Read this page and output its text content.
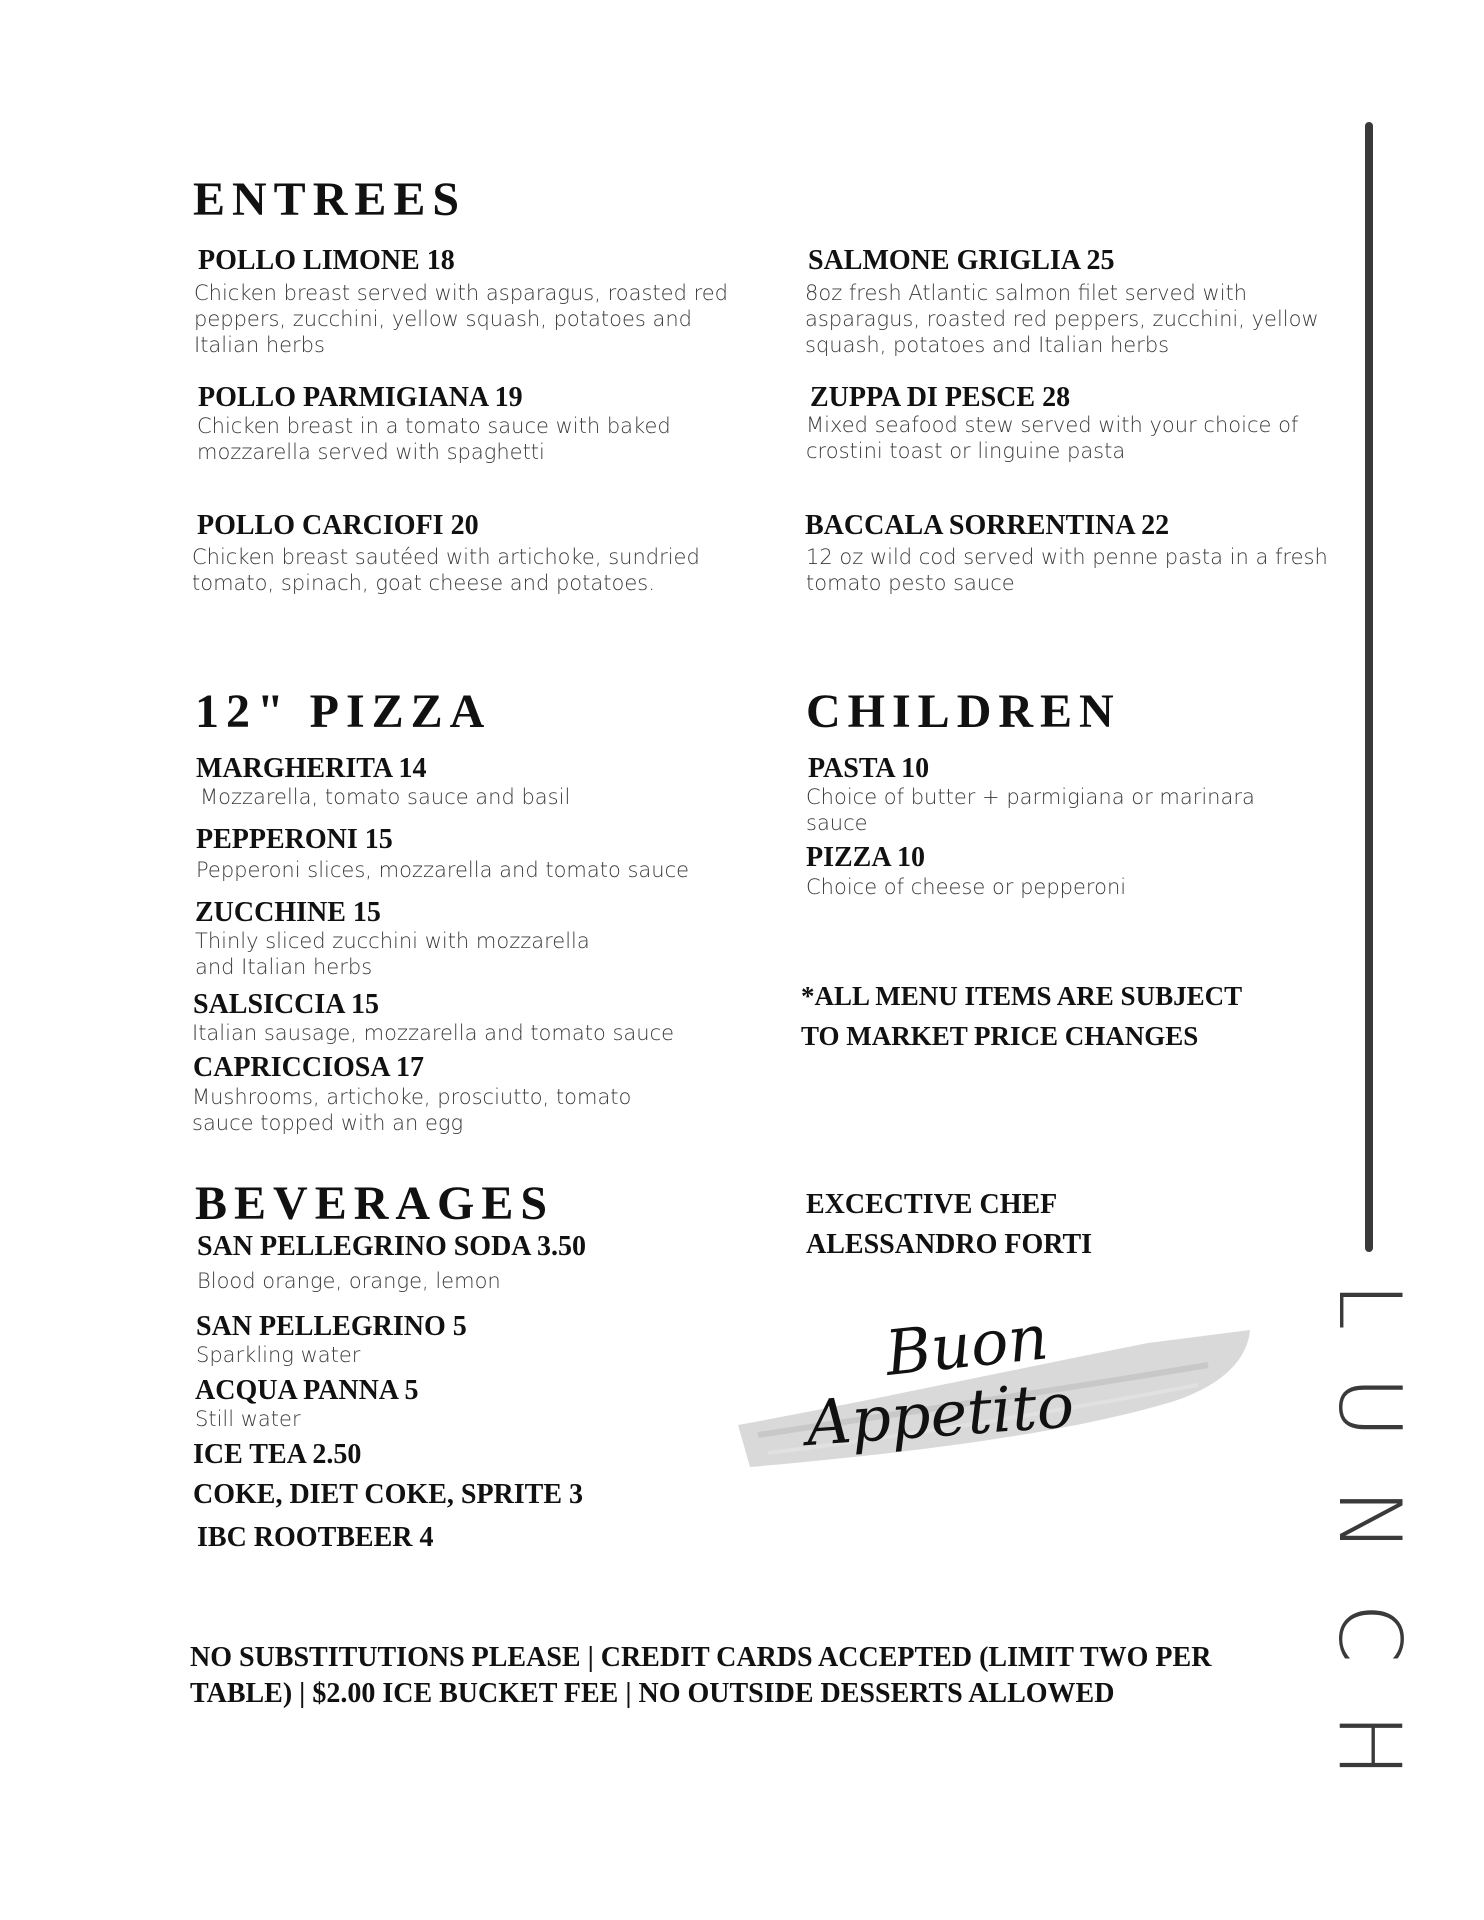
ENTREES
POLLO LIMONE 18
Chicken breast served with asparagus, roasted red peppers, zucchini, yellow squash, potatoes and Italian herbs
SALMONE GRIGLIA 25
8oz fresh Atlantic salmon filet served with asparagus, roasted red peppers, zucchini, yellow squash, potatoes and Italian herbs
POLLO PARMIGIANA 19
Chicken breast in a tomato sauce with baked mozzarella served with spaghetti
ZUPPA DI PESCE 28
Mixed seafood stew served with your choice of crostini toast or linguine pasta
POLLO CARCIOFI 20
Chicken breast sautéed with artichoke, sundried tomato, spinach, goat cheese and potatoes.
BACCALA SORRENTINA 22
12 oz wild cod served with penne pasta in a fresh tomato pesto sauce
12" PIZZA
MARGHERITA 14
Mozzarella, tomato sauce and basil
PEPPERONI 15
Pepperoni slices, mozzarella and tomato sauce
ZUCCHINE 15
Thinly sliced zucchini with mozzarella and Italian herbs
SALSICCIA 15
Italian sausage, mozzarella and tomato sauce
CAPRICCIOSA 17
Mushrooms, artichoke, prosciutto, tomato sauce topped with an egg
CHILDREN
PASTA 10
Choice of butter + parmigiana or marinara sauce
PIZZA 10
Choice of cheese or pepperoni
*ALL MENU ITEMS ARE SUBJECT
TO MARKET PRICE CHANGES
BEVERAGES
SAN PELLEGRINO SODA 3.50
Blood orange, orange, lemon
SAN PELLEGRINO 5
Sparkling water
ACQUA PANNA 5
Still water
ICE TEA 2.50
COKE, DIET COKE, SPRITE 3
IBC ROOTBEER 4
EXCECTIVE CHEF
ALESSANDRO FORTI
Buon
Appetito
NO SUBSTITUTIONS PLEASE | CREDIT CARDS ACCEPTED (LIMIT TWO PER TABLE) | $2.00 ICE BUCKET FEE | NO OUTSIDE DESSERTS ALLOWED	LUNCH
